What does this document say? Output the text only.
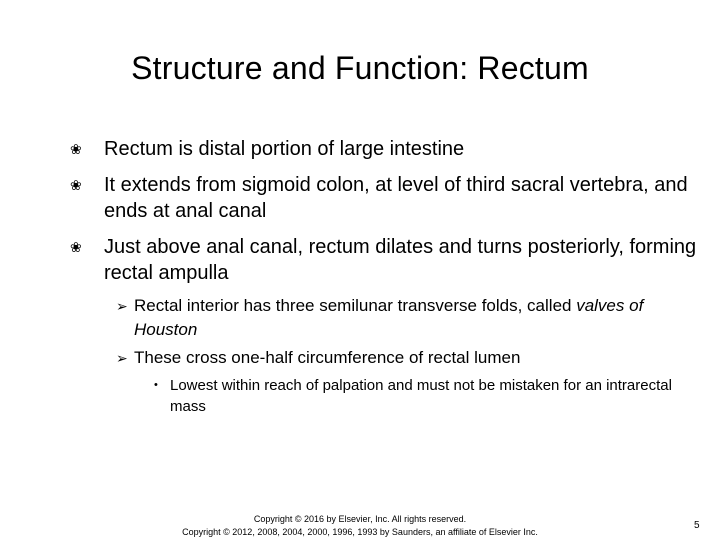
Structure and Function: Rectum
❀ Rectum is distal portion of large intestine
❀ It extends from sigmoid colon, at level of third sacral vertebra, and ends at anal canal
❀ Just above anal canal, rectum dilates and turns posteriorly, forming rectal ampulla
➢ Rectal interior has three semilunar transverse folds, called valves of Houston
➢ These cross one-half circumference of rectal lumen
• Lowest within reach of palpation and must not be mistaken for an intrarectal mass
Copyright © 2016 by Elsevier, Inc. All rights reserved.
Copyright © 2012, 2008, 2004, 2000, 1996, 1993 by Saunders, an affiliate of Elsevier Inc.
5
